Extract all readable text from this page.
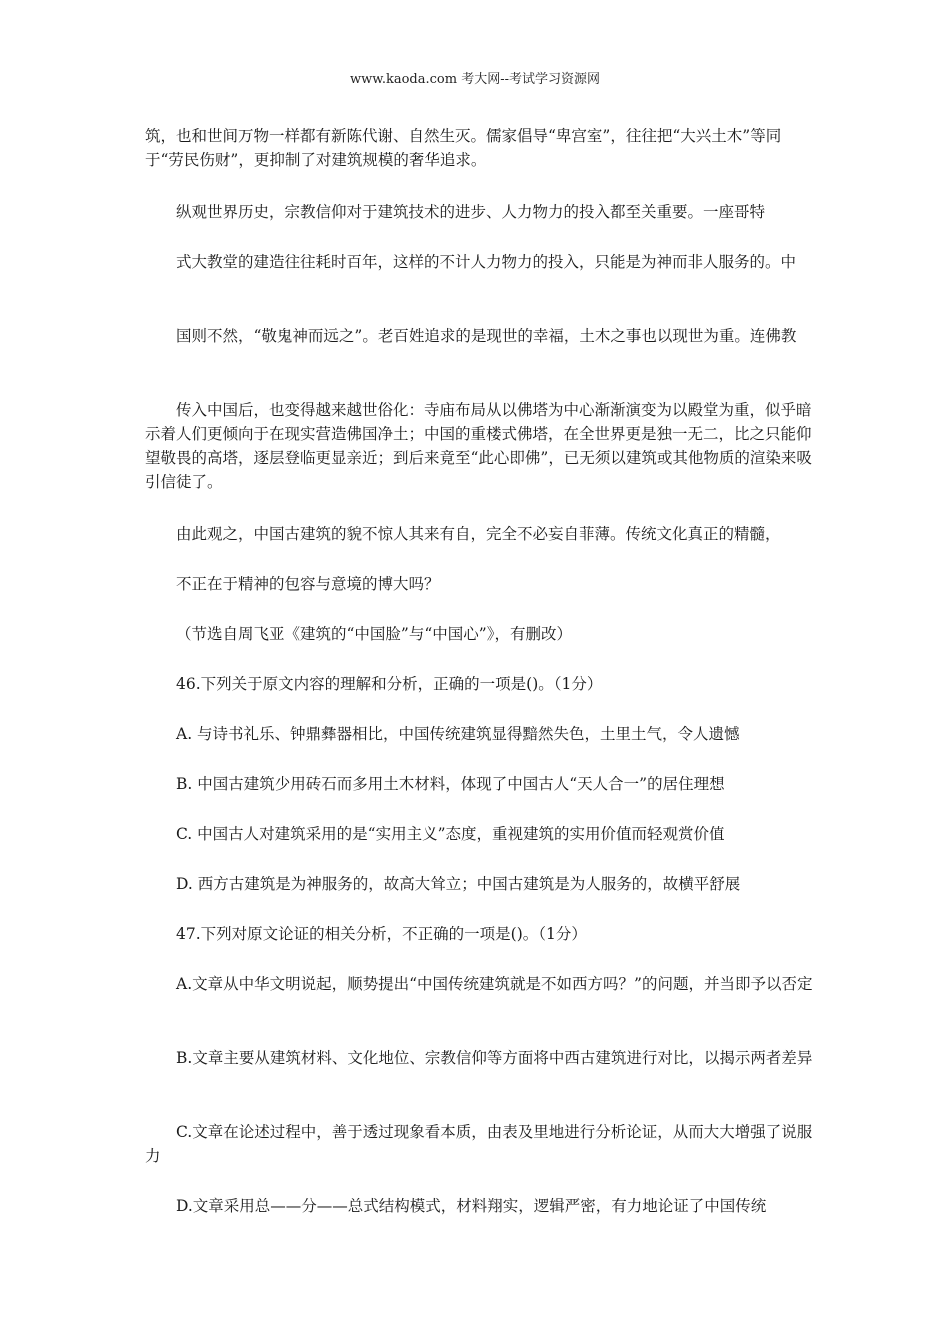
www.kaoda.com 考大网--考试学习资源网
筑，也和世间万物一样都有新陈代谢、自然生灭。儒家倡导“卑宫室”，往往把“大兴土木”等同于“劳民伤财”，更抑制了对建筑规模的奢华追求。
纵观世界历史，宗教信仰对于建筑技术的进步、人力物力的投入都至关重要。一座哥特
式大教堂的建造往往耗时百年，这样的不计人力物力的投入，只能是为神而非人服务的。中
国则不然，“敬鬼神而远之”。老百姓追求的是现世的幸福，土木之事也以现世为重。连佛教
传入中国后，也变得越来越世俗化：寺庙布局从以佛塔为中心渐渐演变为以殿堂为重，似乎暗示着人们更倾向于在现实营造佛国净土；中国的重楼式佛塔，在全世界更是独一无二，比之只能仰望敬畏的高塔，逐层登临更显亲近；到后来竟至“此心即佛”，已无须以建筑或其他物质的渲染来吸引信徒了。
由此观之，中国古建筑的貌不惊人其来有自，完全不必妄自菲薄。传统文化真正的精髓，
不正在于精神的包容与意境的博大吗？
（节选自周飞亚《建筑的“中国脸”与“中国心”》，有删改）
46.下列关于原文内容的理解和分析，正确的一项是()。（1分）
A. 与诗书礼乐、钟鼎彝器相比，中国传统建筑显得黯然失色，土里土气，令人遗憾
B. 中国古建筑少用砖石而多用土木材料，体现了中国古人“天人合一”的居住理想
C. 中国古人对建筑采用的是“实用主义”态度，重视建筑的实用价值而轻观赏价值
D. 西方古建筑是为神服务的，故高大耸立；中国古建筑是为人服务的，故横平舒展
47.下列对原文论证的相关分析，不正确的一项是()。（1分）
A.文章从中华文明说起，顺势提出“中国传统建筑就是不如西方吗？”的问题，并当即予以否定
B.文章主要从建筑材料、文化地位、宗教信仰等方面将中西古建筑进行对比，以揭示两者差异
C.文章在论述过程中，善于透过现象看本质，由表及里地进行分析论证，从而大大增强了说服力
D.文章采用总——分——总式结构模式，材料翔实，逻辑严密，有力地论证了中国传统
